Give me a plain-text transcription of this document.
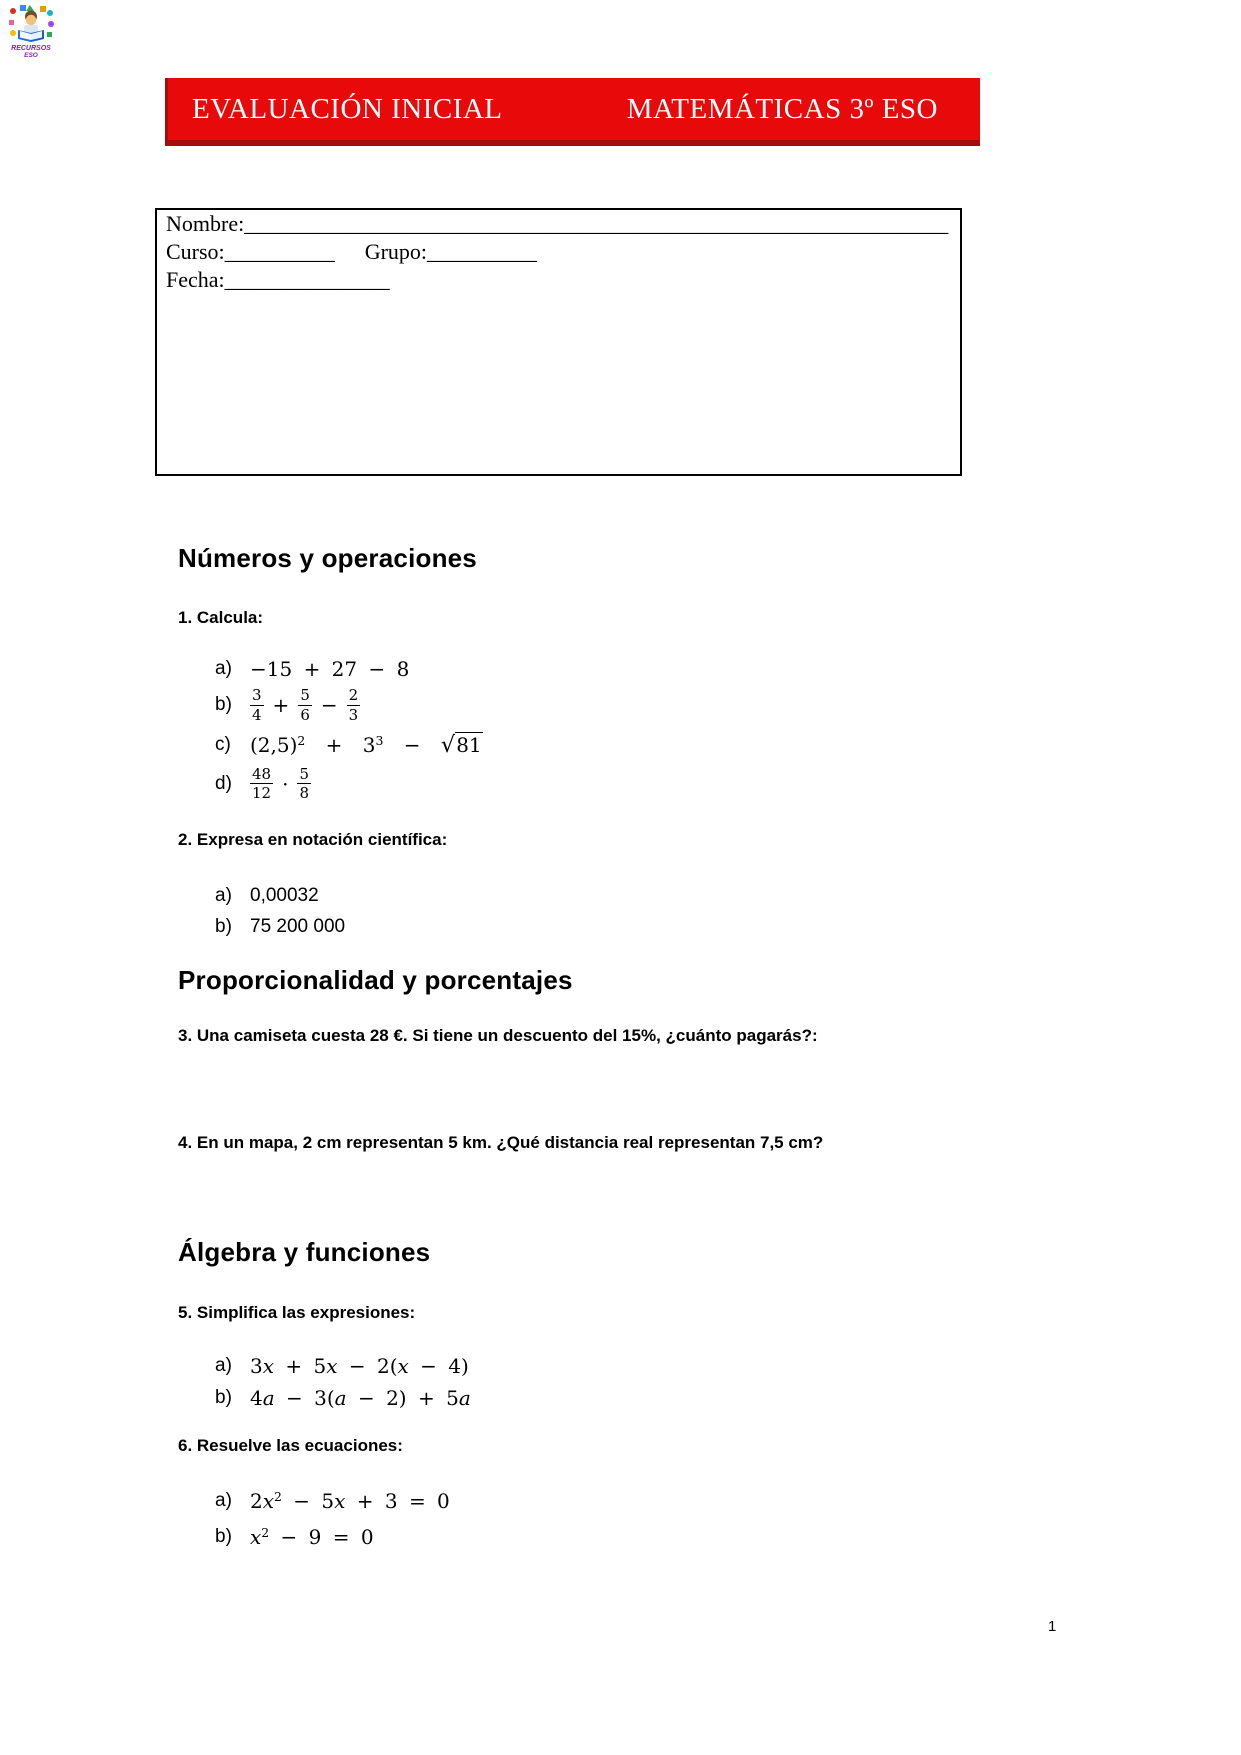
RECURSOS
ESO
EVALUACIÓN INICIAL	MATEMÁTICAS 3º ESO

Nombre:________________________________________________________________

Curso:__________ Grupo:__________

Fecha:_______________

Números y operaciones

1. Calcula:

a) −15 + 27 − 8
b)	$\frac{3}{4} + \frac{5}{6} - \frac{2}{3}$
c) $(2,5)^2 + 3^3 - √81$
d)	$\frac{48}{12} \cdot \frac{5}{8}$

2. Expresa en notación científica:

a) 0,00032
b) 75 200 000
Proporcionalidad y porcentajes

3. Una camiseta cuesta 28 €. Si tiene un descuento del 15%, ¿cuánto pagarás?:

4. En un mapa, 2 cm representan 5 km. ¿Qué distancia real representan 7,5 cm?

Álgebra y funciones

5. Simplifica las expresiones:

a) 3x + 5x − 2(x − 4)
b) 4a − 3(a − 2) + 5a

6. Resuelve las ecuaciones:

a) $2x^2 - 5x + 3 = 0$
b) $x^2 - 9 = 0$
1
